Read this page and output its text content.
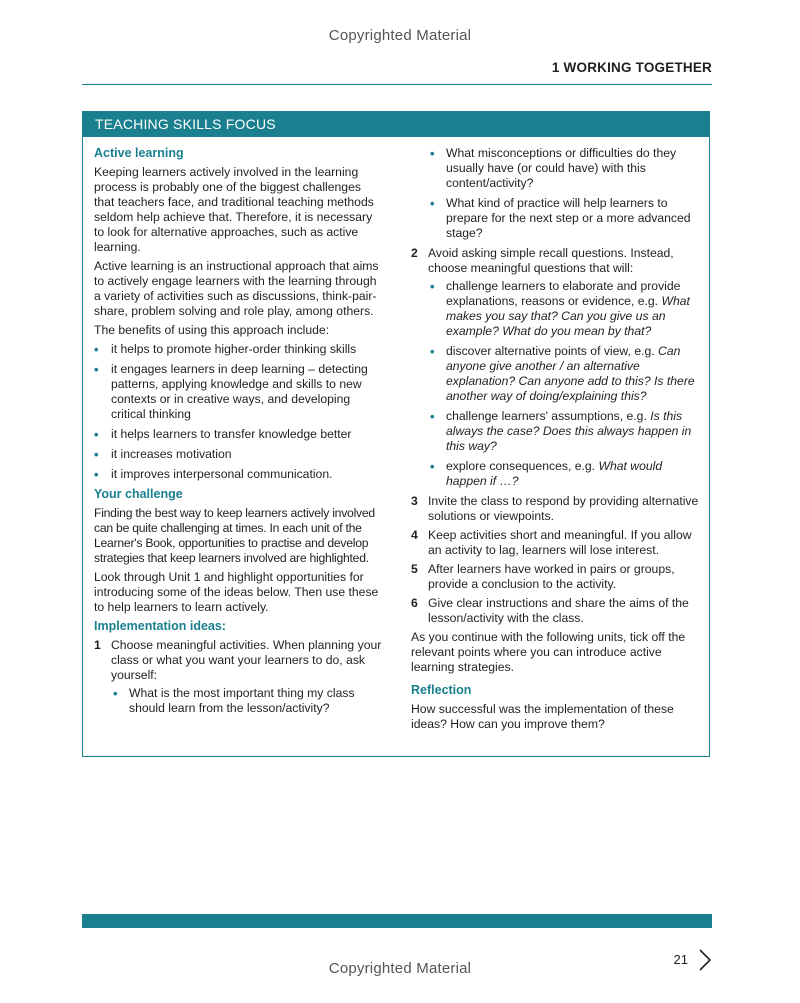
Copyrighted Material
1 WORKING TOGETHER
TEACHING SKILLS FOCUS
Active learning
Keeping learners actively involved in the learning process is probably one of the biggest challenges that teachers face, and traditional teaching methods seldom help achieve that. Therefore, it is necessary to look for alternative approaches, such as active learning.
Active learning is an instructional approach that aims to actively engage learners with the learning through a variety of activities such as discussions, think-pair-share, problem solving and role play, among others.
The benefits of using this approach include:
• it helps to promote higher-order thinking skills
• it engages learners in deep learning – detecting patterns, applying knowledge and skills to new contexts or in creative ways, and developing critical thinking
• it helps learners to transfer knowledge better
• it increases motivation
• it improves interpersonal communication.
Your challenge
Finding the best way to keep learners actively involved can be quite challenging at times. In each unit of the Learner's Book, opportunities to practise and develop strategies that keep learners involved are highlighted.
Look through Unit 1 and highlight opportunities for introducing some of the ideas below. Then use these to help learners to learn actively.
Implementation ideas:
1 Choose meaningful activities. When planning your class or what you want your learners to do, ask yourself:
• What is the most important thing my class should learn from the lesson/activity?
• What misconceptions or difficulties do they usually have (or could have) with this content/activity?
• What kind of practice will help learners to prepare for the next step or a more advanced stage?
2 Avoid asking simple recall questions. Instead, choose meaningful questions that will:
• challenge learners to elaborate and provide explanations, reasons or evidence, e.g. What makes you say that? Can you give us an example? What do you mean by that?
• discover alternative points of view, e.g. Can anyone give another / an alternative explanation? Can anyone add to this? Is there another way of doing/explaining this?
• challenge learners' assumptions, e.g. Is this always the case? Does this always happen in this way?
• explore consequences, e.g. What would happen if …?
3 Invite the class to respond by providing alternative solutions or viewpoints.
4 Keep activities short and meaningful. If you allow an activity to lag, learners will lose interest.
5 After learners have worked in pairs or groups, provide a conclusion to the activity.
6 Give clear instructions and share the aims of the lesson/activity with the class.
As you continue with the following units, tick off the relevant points where you can introduce active learning strategies.
Reflection
How successful was the implementation of these ideas? How can you improve them?
21
Copyrighted Material
